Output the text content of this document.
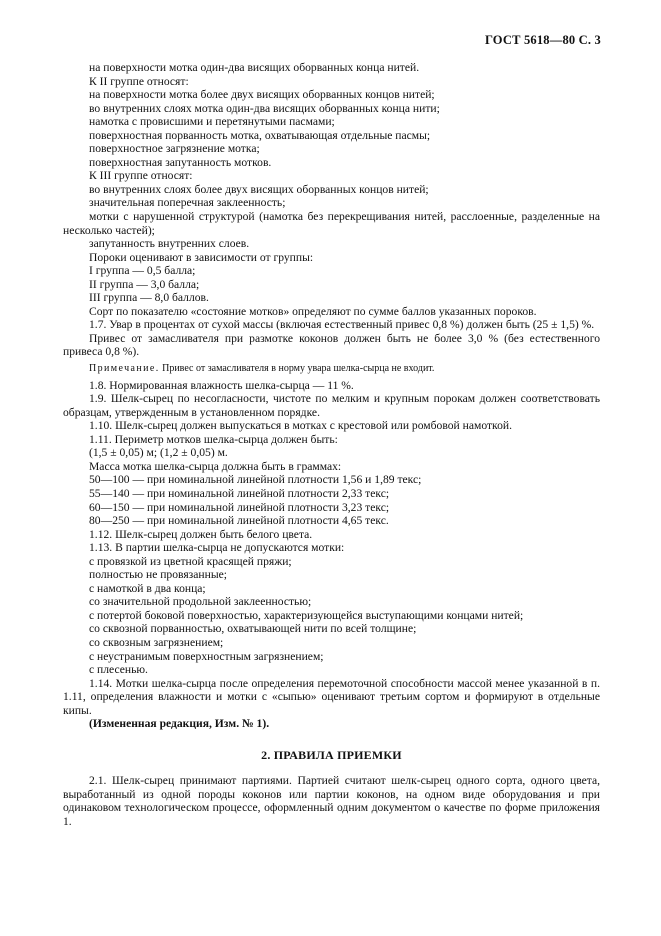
ГОСТ 5618—80 С. 3

на поверхности мотка один-два висящих оборванных конца нитей.

К II группе относят:

на поверхности мотка более двух висящих оборванных концов нитей;

во внутренних слоях мотка один-два висящих оборванных конца нити;

намотка с провисшими и перетянутыми пасмами;

поверхностная порванность мотка, охватывающая отдельные пасмы;

поверхностное загрязнение мотка;

поверхностная запутанность мотков.

К III группе относят:

во внутренних слоях более двух висящих оборванных концов нитей;

значительная поперечная заклеенность;

мотки с нарушенной структурой (намотка без перекрещивания нитей, расслоенные, разделенные на несколько частей);

запутанность внутренних слоев.

Пороки оценивают в зависимости от группы:

I группа — 0,5 балла;

II группа — 3,0 балла;

III группа — 8,0 баллов.

Сорт по показателю «состояние мотков» определяют по сумме баллов указанных пороков.

1.7. Увар в процентах от сухой массы (включая естественный привес 0,8 %) должен быть (25 ± 1,5) %.

Привес от замасливателя при размотке коконов должен быть не более 3,0 % (без естественного привеса 0,8 %).

Примечание. Привес от замасливателя в норму увара шелка-сырца не входит.

1.8. Нормированная влажность шелка-сырца — 11 %.

1.9. Шелк-сырец по несогласности, чистоте по мелким и крупным порокам должен соответствовать образцам, утвержденным в установленном порядке.

1.10. Шелк-сырец должен выпускаться в мотках с крестовой или ромбовой намоткой.

1.11. Периметр мотков шелка-сырца должен быть:

(1,5 ± 0,05) м; (1,2 ± 0,05) м.

Масса мотка шелка-сырца должна быть в граммах:

50—100 — при номинальной линейной плотности 1,56 и 1,89 текс;

55—140 — при номинальной линейной плотности 2,33 текс;

60—150 — при номинальной линейной плотности 3,23 текс;

80—250 — при номинальной линейной плотности 4,65 текс.

1.12. Шелк-сырец должен быть белого цвета.

1.13. В партии шелка-сырца не допускаются мотки:

с провязкой из цветной красящей пряжи;

полностью не провязанные;

с намоткой в два конца;

со значительной продольной заклеенностью;

с потертой боковой поверхностью, характеризующейся выступающими концами нитей;

со сквозной порванностью, охватывающей нити по всей толщине;

со сквозным загрязнением;

с неустранимым поверхностным загрязнением;

с плесенью.

1.14. Мотки шелка-сырца после определения перемоточной способности массой менее указанной в п. 1.11, определения влажности и мотки с «сыпью» оценивают третьим сортом и формируют в отдельные кипы.

(Измененная редакция, Изм. № 1).

2. ПРАВИЛА ПРИЕМКИ

2.1. Шелк-сырец принимают партиями. Партией считают шелк-сырец одного сорта, одного цвета, выработанный из одной породы коконов или партии коконов, на одном виде оборудования и при одинаковом технологическом процессе, оформленный одним документом о качестве по форме приложения 1.
